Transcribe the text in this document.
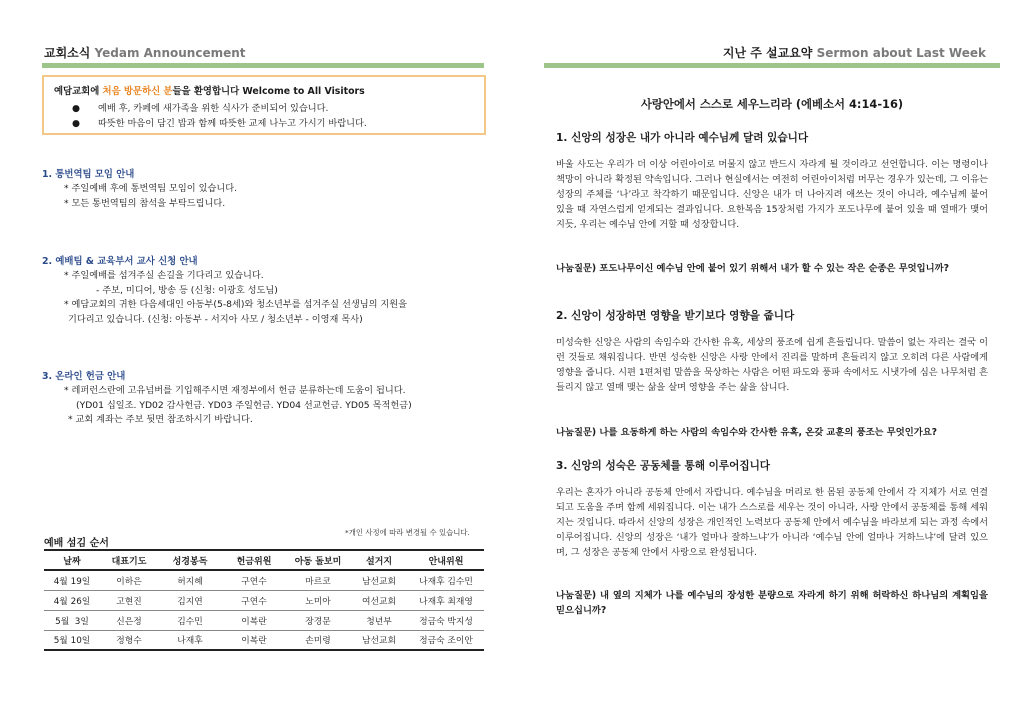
교회소식 Yedam Announcement
예담교회에 처음 방문하신 분들을 환영합니다 Welcome to All Visitors
● 예배 후, 카페에 새가족을 위한 식사가 준비되어 있습니다.
● 따뜻한 마음이 담긴 밥과 함께 따뜻한 교제 나누고 가시기 바랍니다.
1. 통번역팀 모임 안내
* 주일예배 후에 통번역팀 모임이 있습니다.
* 모든 통번역팀의 참석을 부탁드립니다.
2. 예배팀 & 교육부서 교사 신청 안내
* 주일예배를 섬겨주실 손길을 기다리고 있습니다.
- 주보, 미디어, 방송 등 (신청: 이광호 성도님)
* 예담교회의 귀한 다음세대인 아동부(5-8세)와 청소년부를 섬겨주실 선생님의 지원을
기다리고 있습니다. (신청: 아동부 - 서지아 사모 / 청소년부 - 이영재 목사)
3. 온라인 헌금 안내
* 레퍼런스란에 고유넘버를 기입해주시면 재정부에서 헌금 분류하는데 도움이 됩니다.
(YD01 십일조. YD02 감사헌금. YD03 주일헌금. YD04 선교헌금. YD05 목적헌금)
* 교회 계좌는 주보 뒷면 참조하시기 바랍니다.
예배 섬김 순서
*개인 사정에 따라 변경될 수 있습니다.
날짜	대표기도	성경봉독	헌금위원	아동 돌보미	설거지	안내위원
4월 19일	이하은	허지혜	구연수	마르코	남선교회	나재후 김수민
4월 26일	고현진	김지연	구연수	노미아	여선교회	나재후 최재영
5월  3일	신은정	김수민	이복란	장경문	청년부	정금숙 박지성
5월 10일	정형수	나재후	이복란	손미령	남선교회	정금숙 조이안
지난 주 설교요약 Sermon about Last Week
사랑안에서 스스로 세우느리라 (에베소서 4:14-16)
1. 신앙의 성장은 내가 아니라 예수님께 달려 있습니다
바울 사도는 우리가 더 이상 어린아이로 머물지 않고 반드시 자라게 될 것이라고 선언합니다. 이는 명령이나 책망이 아니라 확정된 약속입니다. 그러나 현실에서는 여전히 어린아이처럼 머무는 경우가 있는데, 그 이유는 성장의 주체를 ‘나’라고 착각하기 때문입니다. 신앙은 내가 더 나아지려 애쓰는 것이 아니라, 예수님께 붙어 있을 때 자연스럽게 얻게되는 결과입니다. 요한복음 15장처럼 가지가 포도나무에 붙어 있을 때 열매가 맺어지듯, 우리는 예수님 안에 거할 때 성장합니다.
나눔질문) 포도나무이신 예수님 안에 붙어 있기 위해서 내가 할 수 있는 작은 순종은 무엇입니까?
2. 신앙이 성장하면 영향을 받기보다 영향을 줍니다
미성숙한 신앙은 사람의 속임수와 간사한 유혹, 세상의 풍조에 쉽게 흔들립니다. 말씀이 없는 자리는 결국 이런 것들로 채워집니다. 반면 성숙한 신앙은 사랑 안에서 진리를 말하며 흔들리지 않고 오히려 다른 사람에게 영향을 줍니다. 시편 1편처럼 말씀을 묵상하는 사람은 어떤 파도와 풍파 속에서도 시냇가에 심은 나무처럼 흔들리지 않고 열매 맺는 삶을 살며 영향을 주는 삶을 삽니다.
나눔질문) 나를 요동하게 하는 사람의 속임수와 간사한 유혹, 온갖 교훈의 풍조는 무엇인가요?
3. 신앙의 성숙은 공동체를 통해 이루어집니다
우리는 혼자가 아니라 공동체 안에서 자랍니다. 예수님을 머리로 한 몸된 공동체 안에서 각 지체가 서로 연결되고 도움을 주며 함께 세워집니다. 이는 내가 스스로를 세우는 것이 아니라, 사랑 안에서 공동체를 통해 세워지는 것입니다. 따라서 신앙의 성장은 개인적인 노력보다 공동체 안에서 예수님을 바라보게 되는 과정 속에서 이루어집니다. 신앙의 성장은 ‘내가 얼마나 잘하느냐’가 아니라 ‘예수님 안에 얼마나 거하느냐’에 달려 있으며, 그 성장은 공동체 안에서 사랑으로 완성됩니다.
나눔질문) 내 옆의 지체가 나를 예수님의 장성한 분량으로 자라게 하기 위해 허락하신 하나님의 계획임을 믿으십니까?
